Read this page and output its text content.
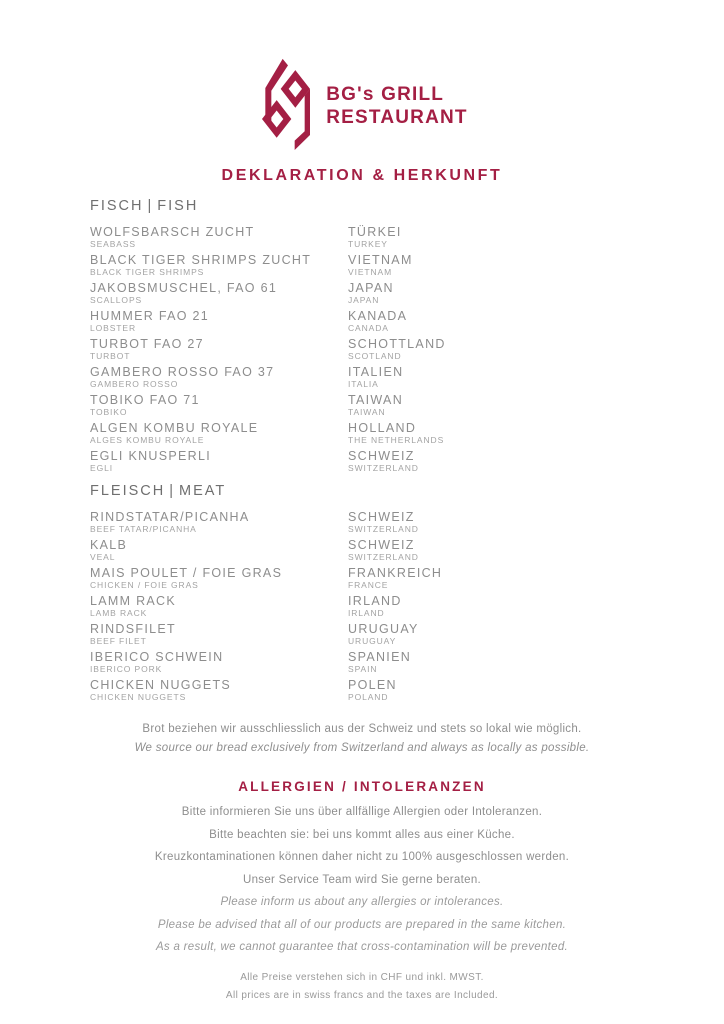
BG's GRILL
RESTAURANT
DEKLARATION & HERKUNFT
FISCH | FISH
WOLFSBARSCH ZUCHT
SEABASS
TÜRKEI
TURKEY
BLACK TIGER SHRIMPS ZUCHT
BLACK TIGER SHRIMPS
VIETNAM
VIETNAM
JAKOBSMUSCHEL, FAO 61
SCALLOPS
JAPAN
JAPAN
HUMMER FAO 21
LOBSTER
KANADA
CANADA
TURBOT FAO 27
TURBOT
SCHOTTLAND
SCOTLAND
GAMBERO ROSSO FAO 37
GAMBERO ROSSO
ITALIEN
ITALIA
TOBIKO FAO 71
TOBIKO
TAIWAN
TAIWAN
ALGEN KOMBU ROYALE
ALGES KOMBU ROYALE
HOLLAND
THE NETHERLANDS
EGLI KNUSPERLI
EGLI
SCHWEIZ
SWITZERLAND
FLEISCH | MEAT
RINDSTATAR/PICANHA
BEEF TATAR/PICANHA
SCHWEIZ
SWITZERLAND
KALB
VEAL
SCHWEIZ
SWITZERLAND
MAIS POULET / FOIE GRAS
CHICKEN / FOIE GRAS
FRANKREICH
FRANCE
LAMM RACK
LAMB RACK
IRLAND
IRLAND
RINDSFILET
BEEF FILET
URUGUAY
URUGUAY
IBERICO SCHWEIN
IBERICO PORK
SPANIEN
SPAIN
CHICKEN NUGGETS
CHICKEN NUGGETS
POLEN
POLAND

Brot beziehen wir ausschliesslich aus der Schweiz und stets so lokal wie möglich.

We source our bread exclusively from Switzerland and always as locally as possible.

ALLERGIEN / INTOLERANZEN

Bitte informieren Sie uns über allfällige Allergien oder Intoleranzen.

Bitte beachten sie: bei uns kommt alles aus einer Küche.

Kreuzkontaminationen können daher nicht zu 100% ausgeschlossen werden.

Unser Service Team wird Sie gerne beraten.

Please inform us about any allergies or intolerances.

Please be advised that all of our products are prepared in the same kitchen.

As a result, we cannot guarantee that cross-contamination will be prevented.

Alle Preise verstehen sich in CHF und inkl. MWST.

All prices are in swiss francs and the taxes are Included.
